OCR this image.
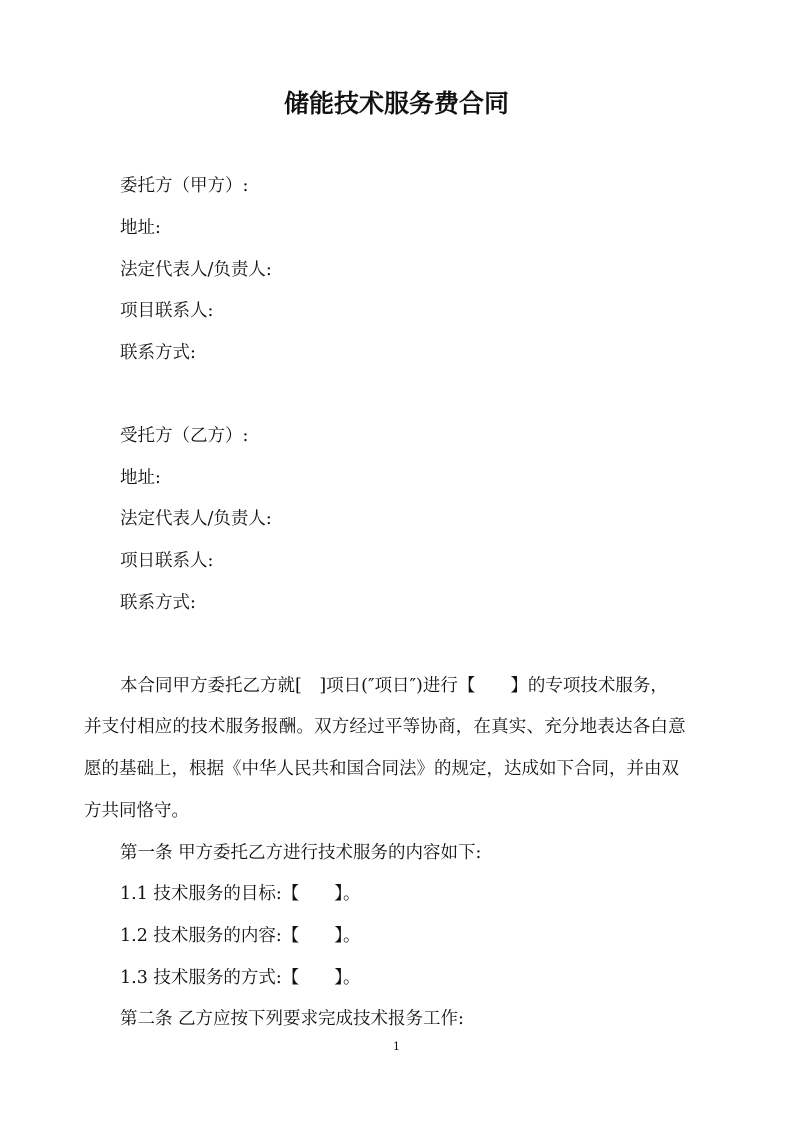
储能技术服务费合同
委托方（甲方）:
地址:
法定代表人/负责人:
项目联系人:
联系方式:
受托方（乙方）:
地址:
法定代表人/负责人:
项日联系人:
联系方式:
本合同甲方委托乙方就[　]项日(″项日″)进行【　　】的专项技术服务，
并支付相应的技术服务报酬。双方经过平等协商，在真实、充分地表达各白意
愿的基础上，根据《中华人民共和国合同法》的规定，达成如下合同，并由双
方共同恪守。
第一条 甲方委托乙方进行技术服务的内容如下:
1.1 技术服务的目标:【　　】。
1.2 技术服务的内容:【　　】。
1.3 技术服务的方式:【　　】。
第二条 乙方应按下列要求完成技术报务工作:
1
